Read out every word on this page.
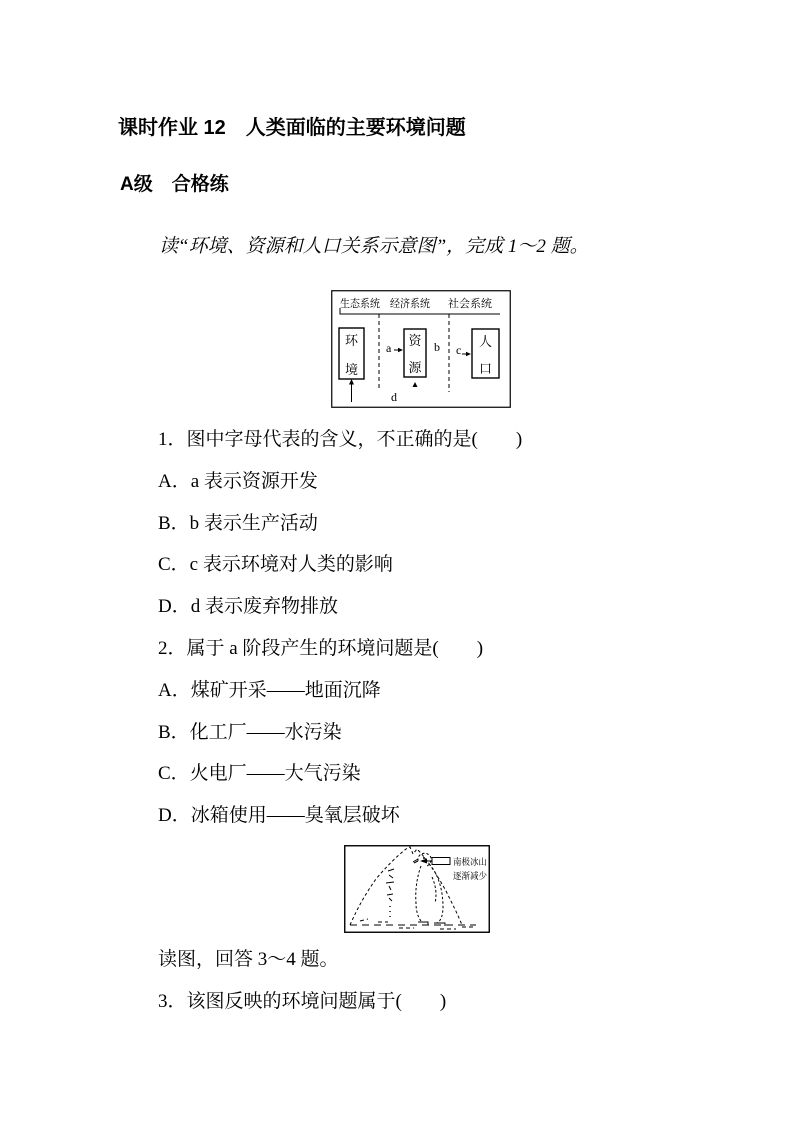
课时作业 12　人类面临的主要环境问题
A级　合格练
读“环境、资源和人口关系示意图”，完成 1～2 题。
生态系统 经济系统 社会系统
环
境
资
源
人
口
a	b c
d
1．图中字母代表的含义，不正确的是(　　)
A．a 表示资源开发
B．b 表示生产活动
C．c 表示环境对人类的影响
D．d 表示废弃物排放
2．属于 a 阶段产生的环境问题是(　　)
A．煤矿开采——地面沉降
B．化工厂——水污染
C．火电厂——大气污染
D．冰箱使用——臭氧层破坏
南极冰山
逐渐减少
读图，回答 3～4 题。
3．该图反映的环境问题属于(　　)
